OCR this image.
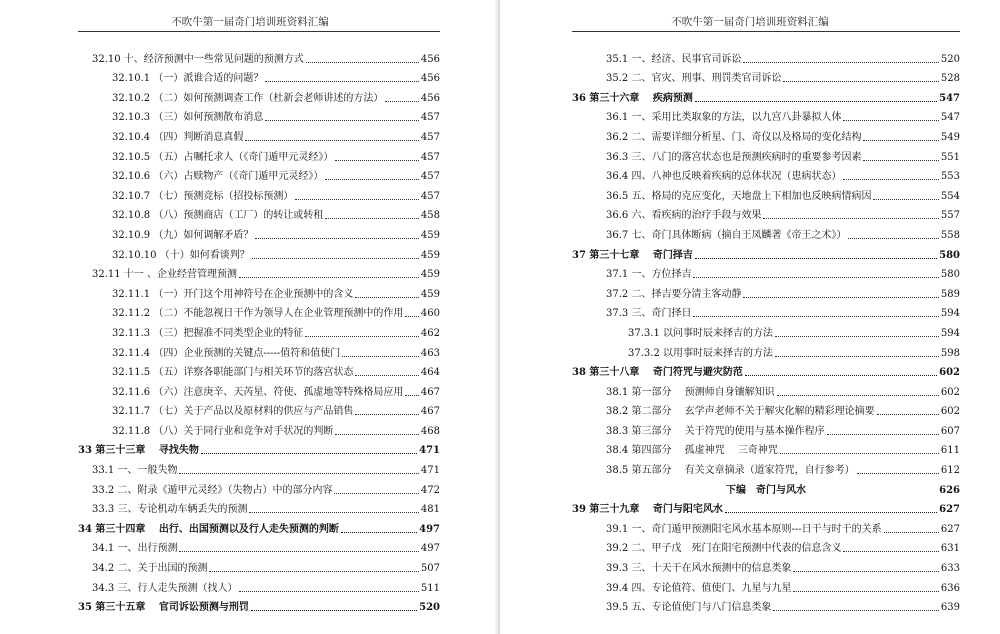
不吹牛第一届奇门培训班资料汇编
32.10 十、经济预测中一些常见问题的预测方式	456
32.10.1 （一）派谁合适的问题？	456
32.10.2 （二）如何预测调查工作（杜新会老师讲述的方法）	456
32.10.3 （三）如何预测散布消息	457
32.10.4 （四）判断消息真假	457
32.10.5 （五）占嘱托求人（《奇门遁甲元灵经》）	457
32.10.6 （六）占赎物产（《奇门遁甲元灵经》）	457
32.10.7 （七）预测竞标（招投标预测）	457
32.10.8 （八）预测商店（工厂）的转让或转租	458
32.10.9 （九）如何调解矛盾？	459
32.10.10 （十）如何看谈判？	459
32.11 十一 、企业经营管理预测	459
32.11.1 （一）开门这个用神符号在企业预测中的含义	459
32.11.2 （二）不能忽视日干作为领导人在企业管理预测中的作用 460
32.11.3 （三）把握准不同类型企业的特征	462
32.11.4 （四）企业预测的关键点-----值符和值使门	463
32.11.5 （五）详察各职能部门与相关环节的落宫状态	464
32.11.6 （六）注意庚辛、天芮星、符使、孤虚地等特殊格局应用 467
32.11.7 （七）关于产品以及原材料的供应与产品销售	467
32.11.8 （八）关于同行业和竞争对手状况的判断	468
33 第三十三章　 寻找失物	471
33.1 一、一般失物	471
33.2 二、附录《遁甲元灵经》（失物占）中的部分内容	472
33.3 三、专论机动车辆丢失的预测	481
34 第三十四章　 出行、出国预测以及行人走失预测的判断	497
34.1 一、出行预测	497
34.2 二、关于出国的预测	507
34.3 三、行人走失预测（找人）	511
35 第三十五章　 官司诉讼预测与刑罚	520
不吹牛第一届奇门培训班资料汇编
35.1 一、经济、民事官司诉讼	520
35.2 二、官灾、刑事、刑罚类官司诉讼	528
36 第三十六章　 疾病预测	547
36.1 一、采用比类取象的方法，以九宫八卦暴拟人体	547
36.2 二、需要详细分析星、门、奇仪以及格局的变化结构	549
36.3 三、八门的落宫状态也是预测疾病时的重要参考因素	551
36.4 四、八神也反映着疾病的总体状况（患病状态）	553
36.5 五、格局的克应变化，天地盘上下相加也反映病情病因	554
36.6 六、看疾病的治疗手段与效果	557
36.7 七、奇门具体断病（摘自王凤麟著《帝王之术》）	558
37 第三十七章　 奇门择吉	580
37.1 一、方位择吉	580
37.2 二、择吉要分清主客动静	589
37.3 三、奇门择日	594
37.3.1 以问事时辰来择吉的方法	594
37.3.2 以用事时辰来择吉的方法	598
38 第三十八章　 奇门符咒与避灾防范	602
38.1 第一部分　 预测师自身镶解知识	602
38.2 第二部分　 玄学声老师不关于解灾化解的精彩理论摘要	602
38.3 第三部分　 关于符咒的使用与基本操作程序	607
38.4 第四部分　 孤虚神咒　 三奇神咒	611
38.5 第五部分　 有关文章摘录（道家符咒，自行参考）	612
下编　奇门与风水	626
39 第三十九章　 奇门与阳宅风水	627
39.1 一、奇门遁甲预测阳宅风水基本原则---日干与时干的关系	627
39.2 二、甲子戊　死门在阳宅预测中代表的信息含义	631
39.3 三、十天干在风水预测中的信息类象	633
39.4 四、专论值符、值使门、九星与九星	636
39.5 五、专论值使门与八门信息类象	639
